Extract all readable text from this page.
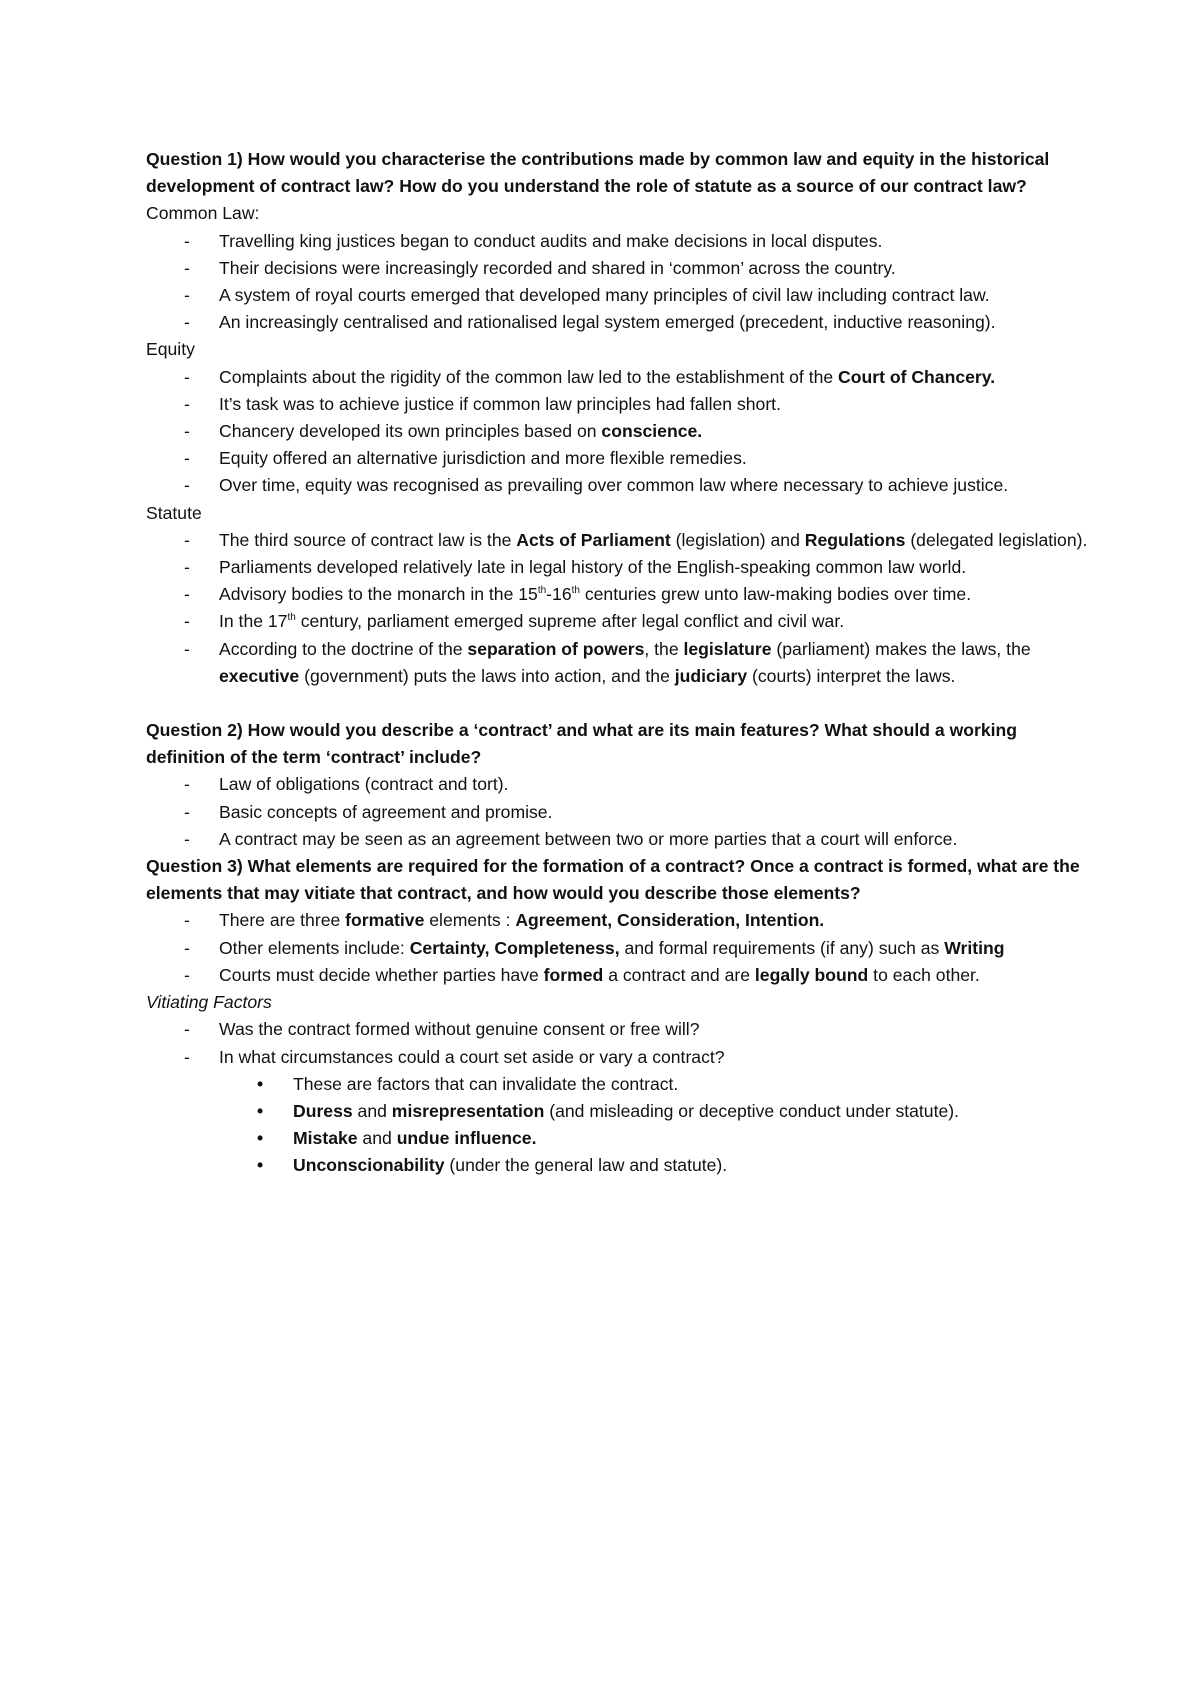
Question 1) How would you characterise the contributions made by common law and equity in the historical development of contract law? How do you understand the role of statute as a source of our contract law?

Common Law:

- Travelling king justices began to conduct audits and make decisions in local disputes.
- Their decisions were increasingly recorded and shared in ‘common’ across the country.
- A system of royal courts emerged that developed many principles of civil law including contract law.
- An increasingly centralised and rationalised legal system emerged (precedent, inductive reasoning).

Equity

- Complaints about the rigidity of the common law led to the establishment of the Court of Chancery.
- It’s task was to achieve justice if common law principles had fallen short.
- Chancery developed its own principles based on conscience.
- Equity offered an alternative jurisdiction and more flexible remedies.
- Over time, equity was recognised as prevailing over common law where necessary to achieve justice.

Statute

- The third source of contract law is the Acts of Parliament (legislation) and Regulations (delegated legislation).
- Parliaments developed relatively late in legal history of the English-speaking common law world.
- Advisory bodies to the monarch in the 15th-16th centuries grew unto law-making bodies over time.
- In the 17th century, parliament emerged supreme after legal conflict and civil war.
- According to the doctrine of the separation of powers, the legislature (parliament) makes the laws, the executive (government) puts the laws into action, and the judiciary (courts) interpret the laws.

Question 2) How would you describe a ‘contract’ and what are its main features? What should a working definition of the term ‘contract’ include?

- Law of obligations (contract and tort).
- Basic concepts of agreement and promise.
- A contract may be seen as an agreement between two or more parties that a court will enforce.

Question 3) What elements are required for the formation of a contract? Once a contract is formed, what are the elements that may vitiate that contract, and how would you describe those elements?

- There are three formative elements : Agreement, Consideration, Intention.
- Other elements include: Certainty, Completeness, and formal requirements (if any) such as Writing
- Courts must decide whether parties have formed a contract and are legally bound to each other.

Vitiating Factors

- Was the contract formed without genuine consent or free will?
- In what circumstances could a court set aside or vary a contract?
• These are factors that can invalidate the contract.
• Duress and misrepresentation (and misleading or deceptive conduct under statute).
• Mistake and undue influence.
• Unconscionability (under the general law and statute).
